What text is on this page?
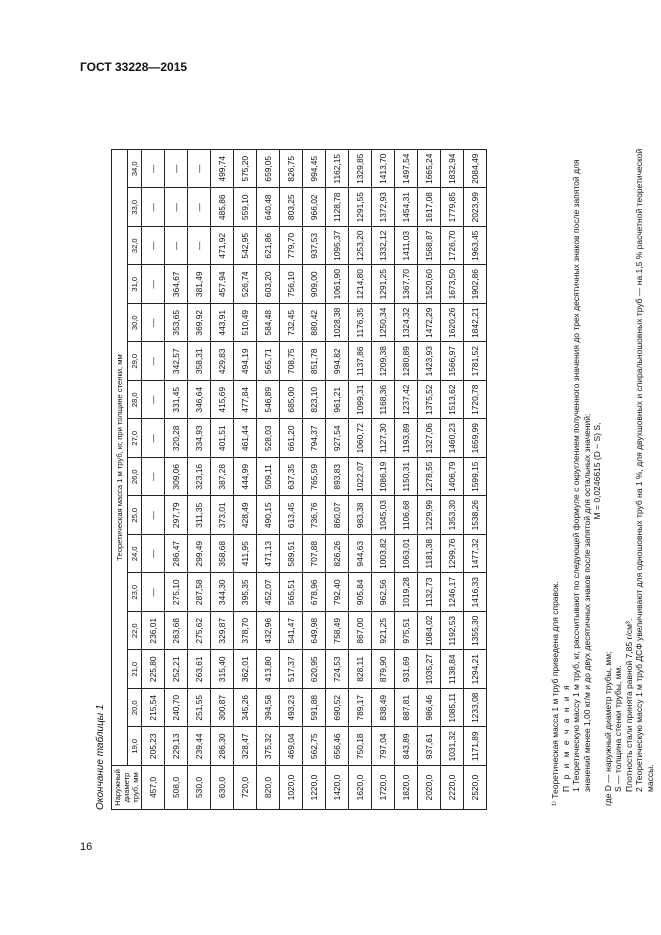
ГОСТ 33228—2015
Окончание таблицы 1 Наружный диаметр труб, мм	Теоретическая масса 1 м труб, кг, при толщине стенки, мм															
	19,0	20,0	21,0	22,0	23,0	24,0	25,0	26,0	27,0	28,0	29,0	30,0	31,0	32,0	33,0	34,0
457,0	205,23	215,54	225,80	236,01	—	—	—	—	—	—	—	—	—	—	—	—
508,0	229,13	240,70	252,21	263,68	275,10	286,47	297,79	309,06	320,28	331,45	342,57	353,65	364,67	—	—	—
530,0	239,44	251,55	263,61	275,62	287,58	299,49	311,35	323,16	334,93	346,64	358,31	369,92	381,49	—	—	—
630,0	286,30	300,87	315,40	329,87	344,30	358,68	373,01	387,28	401,51	415,69	429,83	443,91	457,94	471,92	485,86	499,74
720,0	328,47	345,26	362,01	378,70	395,35	411,95	428,49	444,99	461,44	477,84	494,19	510,49	526,74	542,95	559,10	575,20
820,0	375,32	394,58	413,80	432,96	452,07	471,13	490,15	509,11	528,03	546,89	565,71	584,48	603,20	621,86	640,48	659,05
1020,0	469,04	493,23	517,37	541,47	565,51	589,51	613,45	637,35	661,20	685,00	708,75	732,45	756,10	779,70	803,25	826,75
1220,0	562,75	591,88	620,95	649,98	678,96	707,88	736,76	765,59	794,37	823,10	851,78	880,42	909,00	937,53	966,02	994,45
1420,0	656,46	690,52	724,53	758,49	792,40	826,26	860,07	893,83	927,54	961,21	994,82	1028,38	1061,90	1095,37	1128,78	1162,15
1620,0	750,18	789,17	828,11	867,00	905,84	944,63	983,38	1022,07	1060,72	1099,31	1137,86	1176,35	1214,80	1253,20	1291,55	1329,85
1720,0	797,04	838,49	879,90	921,25	962,56	1003,82	1045,03	1086,19	1127,30	1168,36	1209,38	1250,34	1291,25	1332,12	1372,93	1413,70
1820,0	843,89	887,81	931,69	975,51	1019,28	1063,01	1106,68	1150,31	1193,89	1237,42	1280,89	1324,32	1367,70	1411,03	1454,31	1497,54
2020,0	937,61	986,46	1035,27	1084,02	1132,73	1181,38	1229,99	1278,55	1327,06	1375,52	1423,93	1472,29	1520,60	1568,87	1617,08	1665,24
2220,0	1031,32	1085,11	1138,84	1192,53	1246,17	1299,76	1353,30	1406,79	1460,23	1513,62	1566,97	1620,26	1673,50	1726,70	1779,85	1832,94
2520,0	1171,89	1233,08	1294,21	1355,30	1416,33	1477,32	1538,26	1599,15	1659,99	1720,78	1781,52	1842,21	1902,86	1963,45	2023,99	2084,49

¹⁾ Теоретическая масса 1 м труб приведена для справок. П р и м е ч а н и я 1 Теоретическую массу 1 м труб, кг, рассчитывают по следующей формуле с округлением полученного значения до трех десятичных знаков после запятой для значений менее 1,00 кг/м и до двух десятичных знаков после запятой для остальных значений: M = 0,0246615 (D − S) S,

где D — наружный диаметр трубы, мм; S — толщина стенки трубы, мм. Плотность стали принята равной 7,85 г/см³. 2 Теоретическую массу 1 м труб ДСФ увеличивают для одношовных труб на 1 %, для двухшовных и спиральношовных труб — на 1,5 % расчетной теоретической массы.

16
